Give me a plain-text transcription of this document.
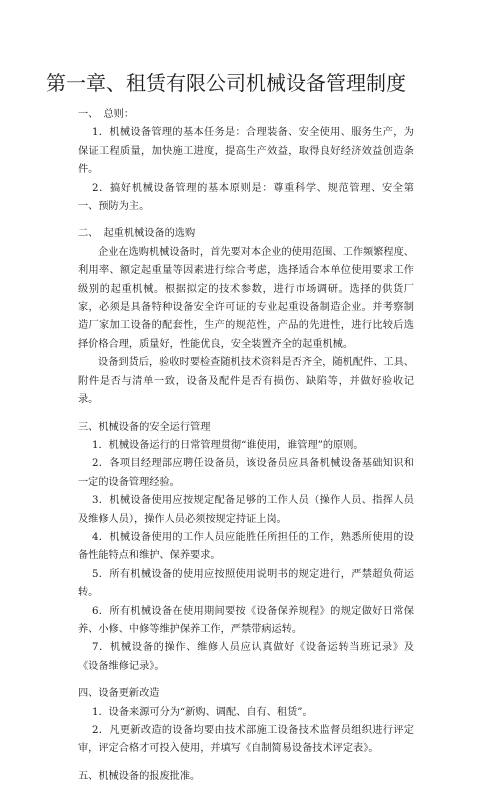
第一章、租赁有限公司机械设备管理制度

一、　总则：

1．机械设备管理的基本任务是：合理装备、安全使用、服务生产，为保证工程质量，加快施工进度，提高生产效益，取得良好经济效益创造条件。

2．搞好机械设备管理的基本原则是：尊重科学、规范管理、安全第一、预防为主。

二、　起重机械设备的选购

企业在选购机械设备时，首先要对本企业的使用范围、工作频繁程度、利用率、额定起重量等因素进行综合考虑，选择适合本单位使用要求工作级别的起重机械。根据拟定的技术参数，进行市场调研。选择的供货厂家，必须是具备特种设备安全许可证的专业起重设备制造企业。并考察制造厂家加工设备的配套性，生产的规范性，产品的先进性，进行比较后选择价格合理，质量好，性能优良，安全装置齐全的起重机械。

设备到货后，验收时要检查随机技术资料是否齐全，随机配件、工具、附件是否与清单一致，设备及配件是否有损伤、缺陷等，并做好验收记录。

三、机械设备的安全运行管理

1．机械设备运行的日常管理贯彻“谁使用，谁管理”的原则。

2．各项目经理部应聘任设备员，该设备员应具备机械设备基础知识和一定的设备管理经验。

3．机械设备使用应按规定配备足够的工作人员（操作人员、指挥人员及维修人员），操作人员必须按规定持证上岗。

4．机械设备使用的工作人员应能胜任所担任的工作，熟悉所使用的设备性能特点和维护、保养要求。

5．所有机械设备的使用应按照使用说明书的规定进行，严禁超负荷运转。

6．所有机械设备在使用期间要按《设备保养规程》的规定做好日常保养、小修、中修等维护保养工作，严禁带病运转。

7．机械设备的操作、维修人员应认真做好《设备运转当班记录》及《设备维修记录》。

四、设备更新改造

1．设备来源可分为“新购、调配、自有、租赁”。

2．凡更新改造的设备均要由技术部施工设备技术监督员组织进行评定审，评定合格才可投入使用，并填写《自制简易设备技术评定表》。

五、机械设备的报废批准。
